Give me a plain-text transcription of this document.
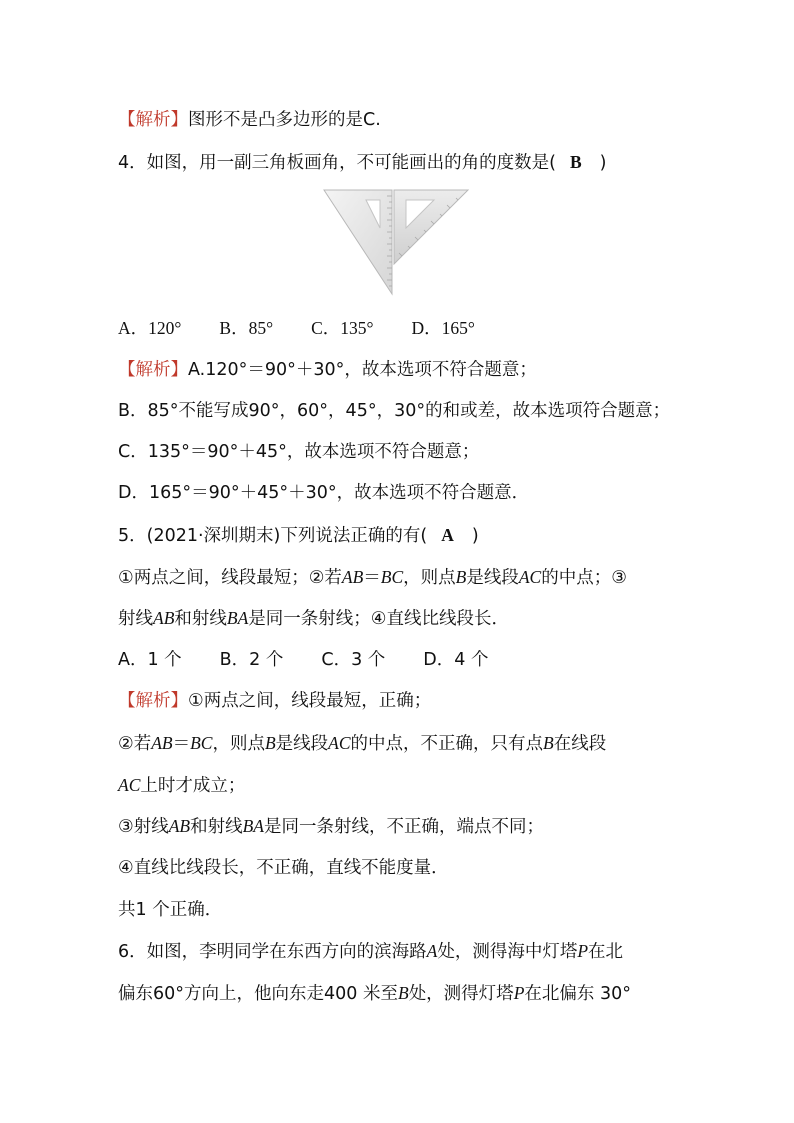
【解析】图形不是凸多边形的是C.
4．如图，用一副三角板画角，不可能画出的角的度数是( B )
A．120° B．85° C．135° D．165°
【解析】A.120°＝90°＋30°，故本选项不符合题意；
B．85°不能写成90°，60°，45°，30°的和或差，故本选项符合题意；
C．135°＝90°＋45°，故本选项不符合题意；
D．165°＝90°＋45°＋30°，故本选项不符合题意．
5．(2021·深圳期末)下列说法正确的有( A )
①两点之间，线段最短；②若AB＝BC，则点B是线段AC的中点；③
射线AB和射线BA是同一条射线；④直线比线段长．
A．1 个 B．2 个 C．3 个 D．4 个
【解析】①两点之间，线段最短，正确；
②若AB＝BC，则点B是线段AC的中点，不正确，只有点B在线段
AC上时才成立；
③射线AB和射线BA是同一条射线，不正确，端点不同；
④直线比线段长，不正确，直线不能度量．
共1 个正确．
6．如图，李明同学在东西方向的滨海路A处，测得海中灯塔P在北
偏东60°方向上，他向东走400 米至B处，测得灯塔P在北偏东 30°
